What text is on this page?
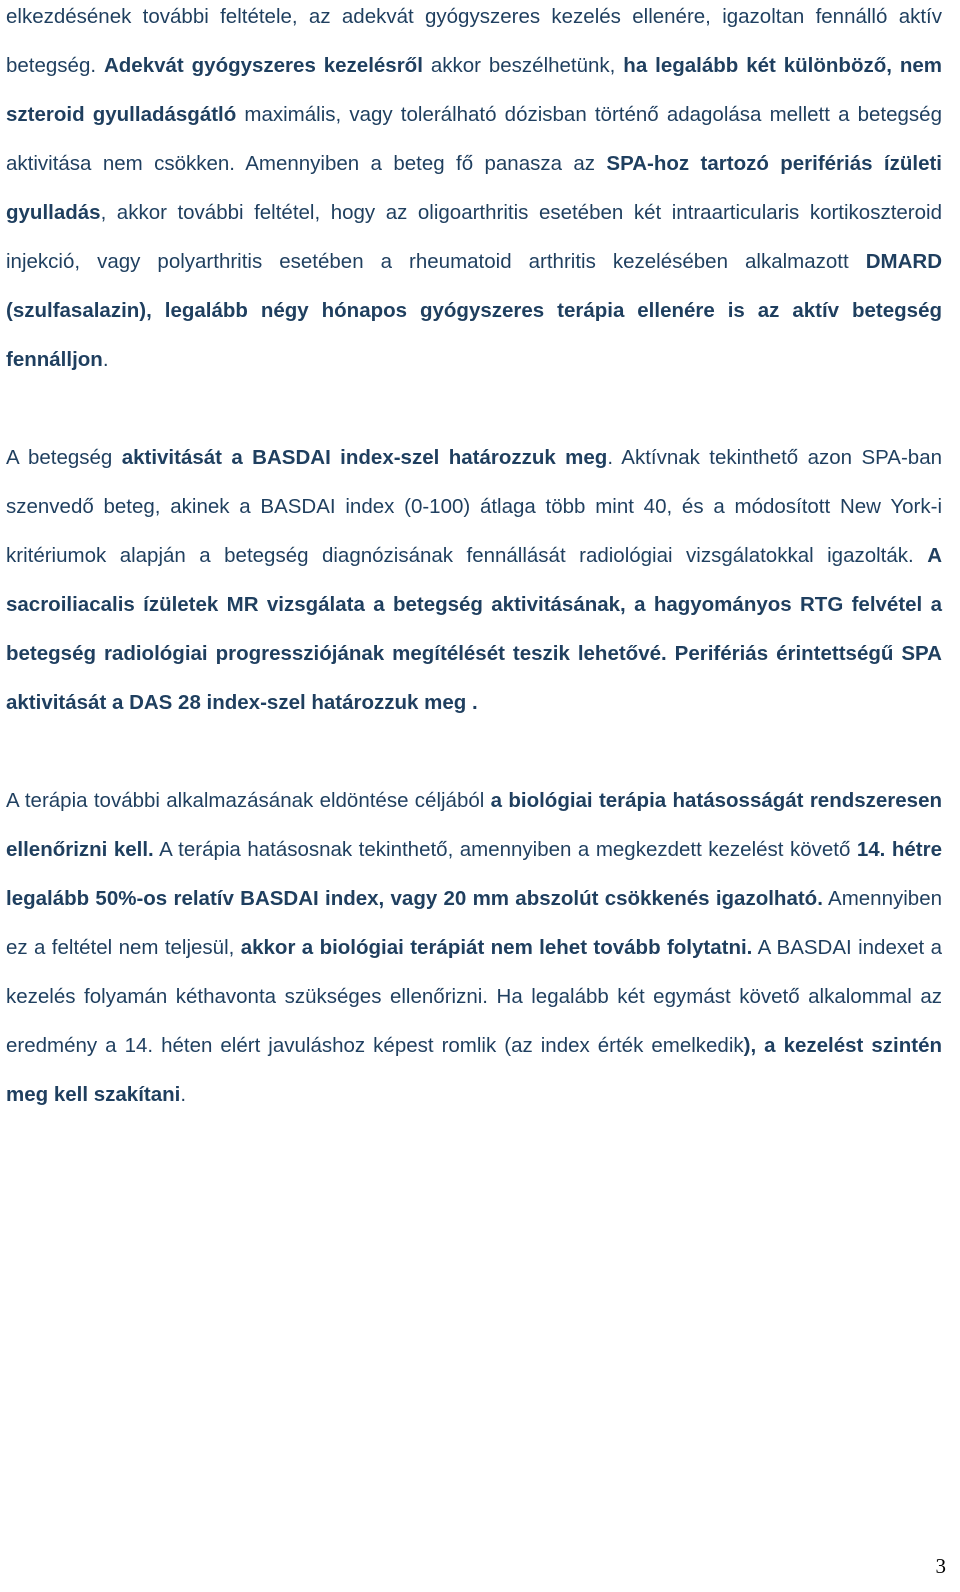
elkezdésének további feltétele, az adekvát gyógyszeres kezelés ellenére, igazoltan fennálló aktív betegség. Adekvát gyógyszeres kezelésről akkor beszélhetünk, ha legalább két különböző, nem szteroid gyulladásgátló maximális, vagy tolerálható dózisban történő adagolása mellett a betegség aktivitása nem csökken. Amennyiben a beteg fő panasza az SPA-hoz tartozó perifériás ízületi gyulladás, akkor további feltétel, hogy az oligoarthritis esetében két intraarticularis kortikoszteroid injekció, vagy polyarthritis esetében a rheumatoid arthritis kezelésében alkalmazott DMARD (szulfasalazin), legalább négy hónapos gyógyszeres terápia ellenére is az aktív betegség fennálljon.

A betegség aktivitását a BASDAI index-szel határozzuk meg. Aktívnak tekinthető azon SPA-ban szenvedő beteg, akinek a BASDAI index (0-100) átlaga több mint 40, és a módosított New York-i kritériumok alapján a betegség diagnózisának fennállását radiológiai vizsgálatokkal igazolták. A sacroiliacalis ízületek MR vizsgálata a betegség aktivitásának, a hagyományos RTG felvétel a betegség radiológiai progressziójának megítélését teszik lehetővé. Perifériás érintettségű SPA aktivitását a DAS 28 index-szel határozzuk meg .

A terápia további alkalmazásának eldöntése céljából a biológiai terápia hatásosságát rendszeresen ellenőrizni kell. A terápia hatásosnak tekinthető, amennyiben a megkezdett kezelést követő 14. hétre legalább 50%-os relatív BASDAI index, vagy 20 mm abszolút csökkenés igazolható. Amennyiben ez a feltétel nem teljesül, akkor a biológiai terápiát nem lehet tovább folytatni. A BASDAI indexet a kezelés folyamán kéthavonta szükséges ellenőrizni. Ha legalább két egymást követő alkalommal az eredmény a 14. héten elért javuláshoz képest romlik (az index érték emelkedik), a kezelést szintén meg kell szakítani.

3
